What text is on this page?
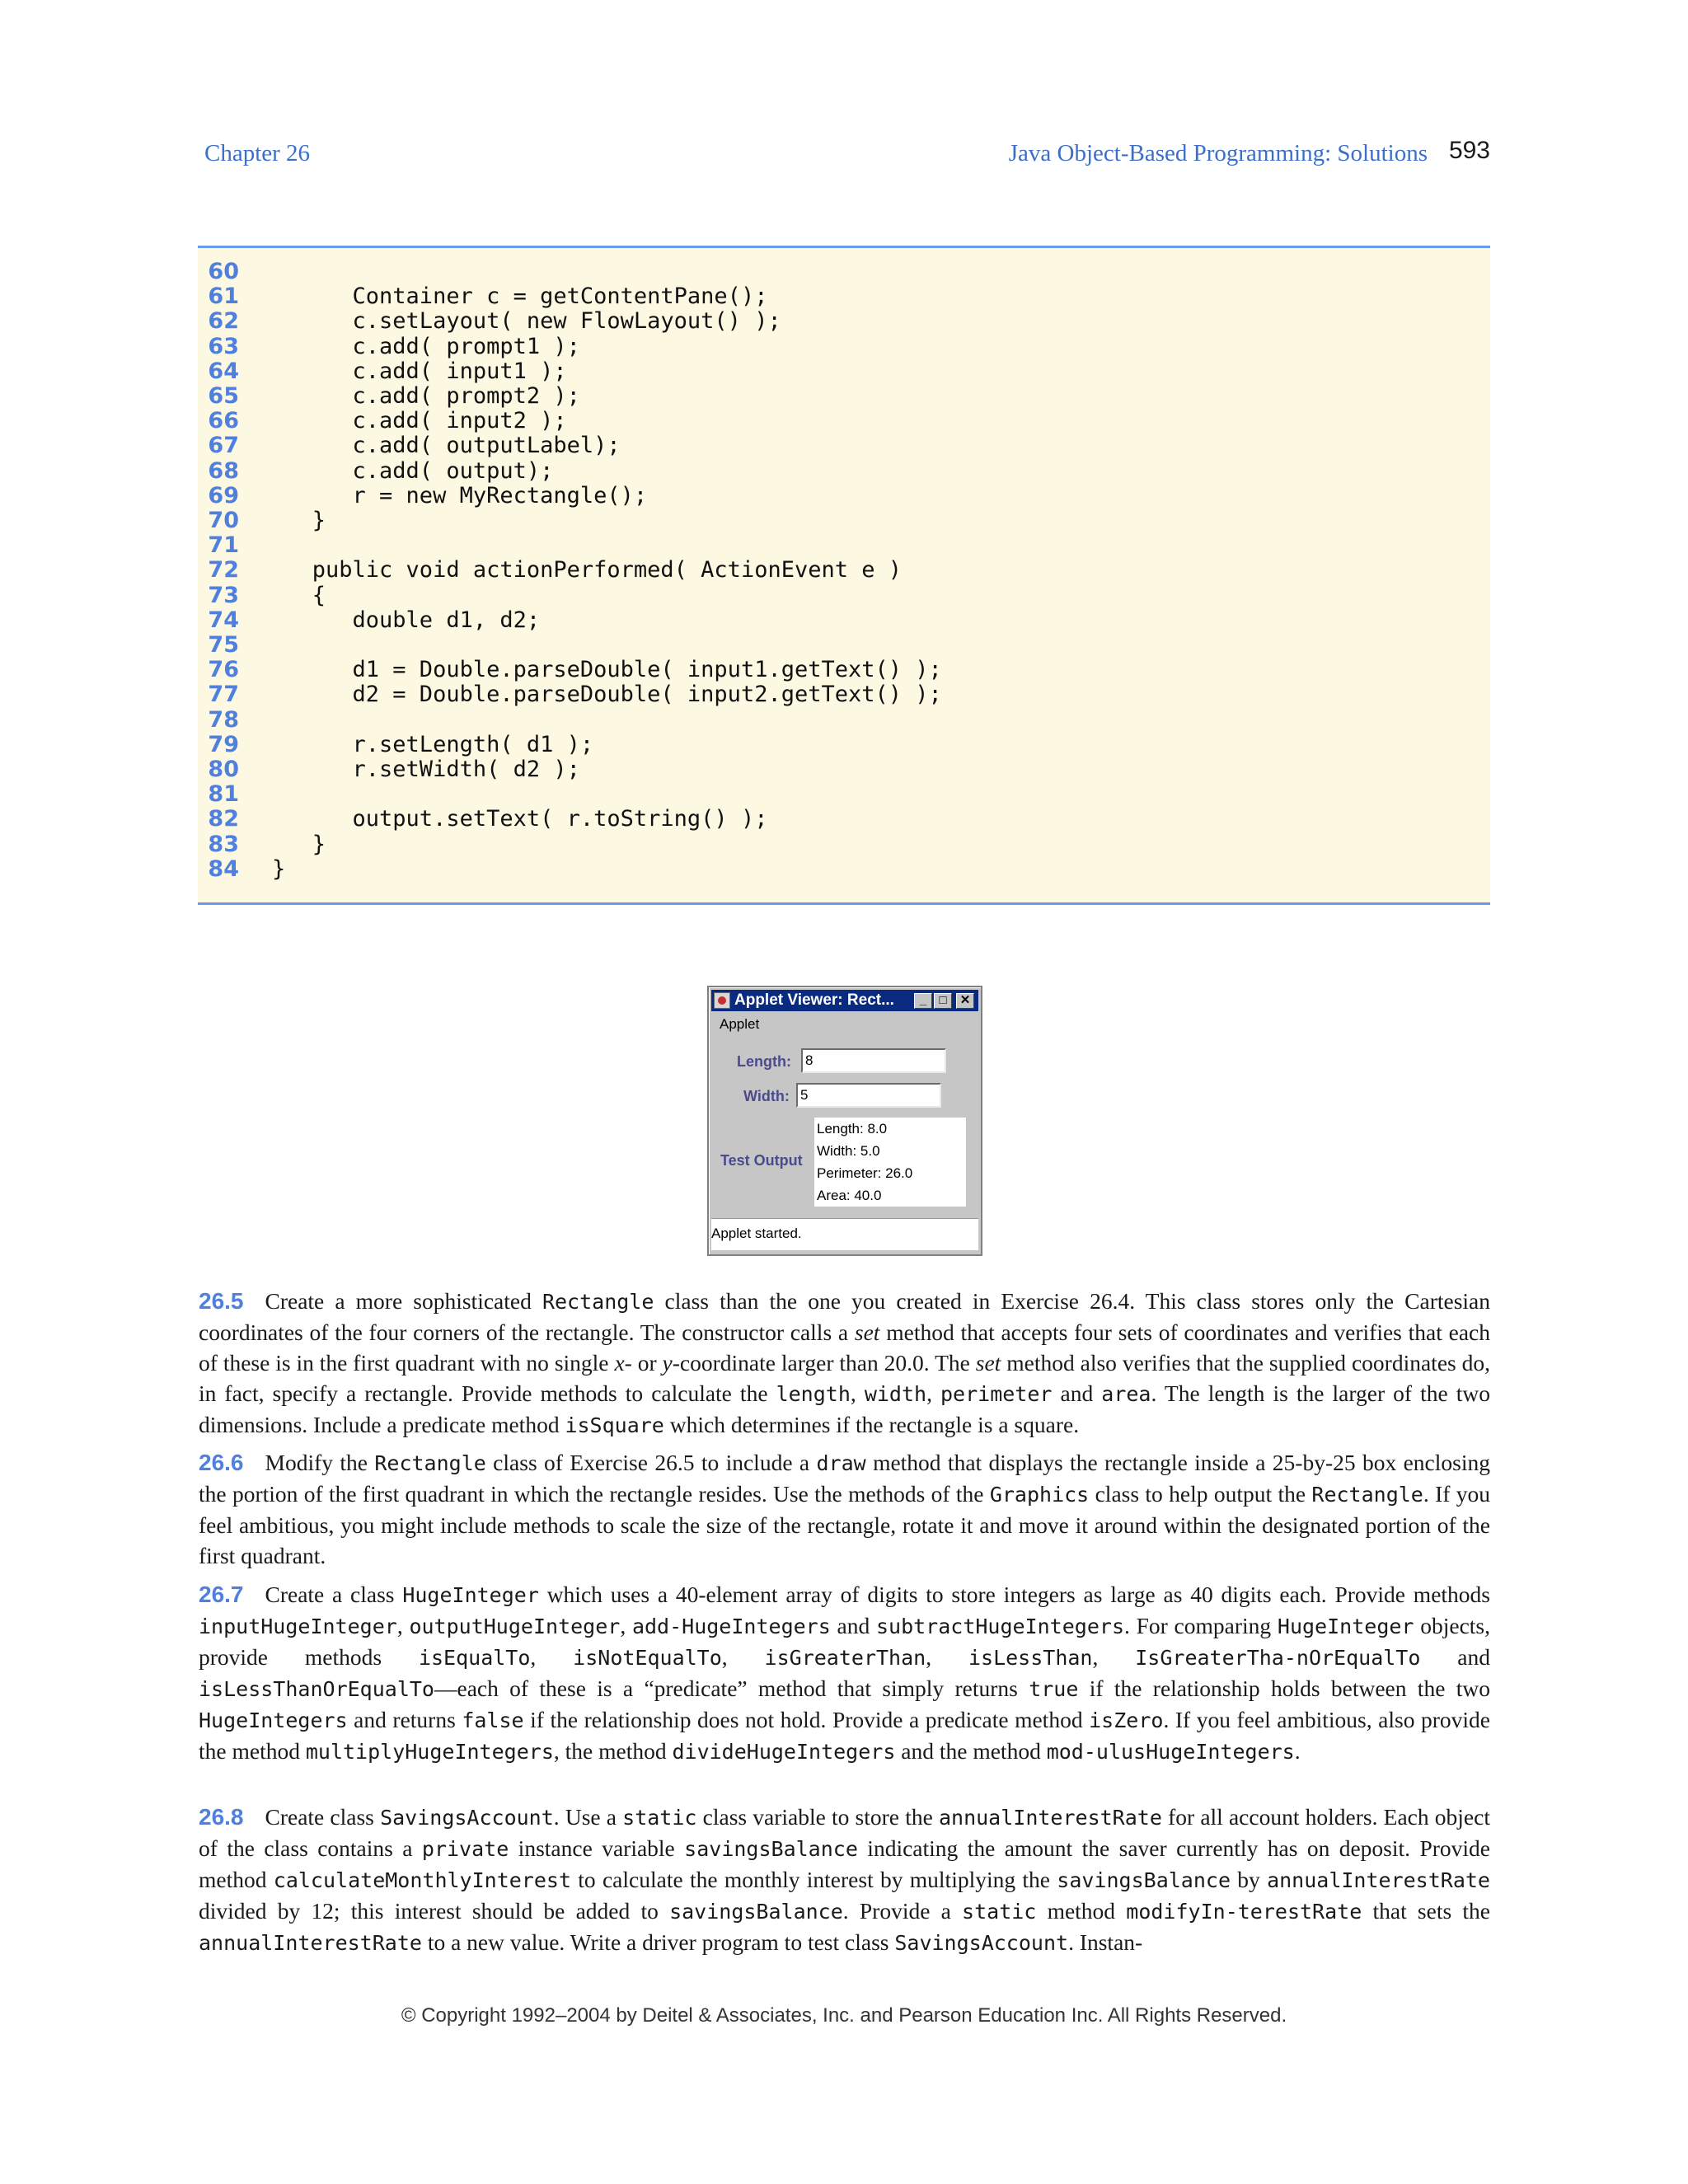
Chapter 26	Java Object-Based Programming: Solutions 593
60
61 Container c = getContentPane();
62 c.setLayout( new FlowLayout() );
63 c.add( prompt1 );
64 c.add( input1 );
65 c.add( prompt2 );
66 c.add( input2 );
67 c.add( outputLabel);
68 c.add( output);
69 r = new MyRectangle();
70 }
71
72 public void actionPerformed( ActionEvent e )
73 {
74 double d1, d2;
75
76 d1 = Double.parseDouble( input1.getText() );
77 d2 = Double.parseDouble( input2.getText() );
78
79 r.setLength( d1 );
80 r.setWidth( d2 );
81
82 output.setText( r.toString() );
83 }
84 }
Applet Viewer: Rect...	_	□	✕
Applet
Length: 8
Width: 5
Test Output
Length: 8.0
Width: 5.0
Perimeter: 26.0
Area: 40.0
Applet started.
26.5 Create a more sophisticated Rectangle class than the one you created in Exercise 26.4. This class stores only the Cartesian coordinates of the four corners of the rectangle. The constructor calls a set method that accepts four sets of coordinates and verifies that each of these is in the first quadrant with no single x- or y-coordinate larger than 20.0. The set method also verifies that the supplied coordinates do, in fact, specify a rectangle. Provide methods to calculate the length, width, perimeter and area. The length is the larger of the two dimensions. Include a predicate method isSquare which determines if the rectangle is a square.
26.6 Modify the Rectangle class of Exercise 26.5 to include a draw method that displays the rectangle inside a 25-by-25 box enclosing the portion of the first quadrant in which the rectangle resides. Use the methods of the Graphics class to help output the Rectangle. If you feel ambitious, you might include methods to scale the size of the rectangle, rotate it and move it around within the designated portion of the first quadrant.
26.7 Create a class HugeInteger which uses a 40-element array of digits to store integers as large as 40 digits each. Provide methods inputHugeInteger, outputHugeInteger, add-HugeIntegers and subtractHugeIntegers. For comparing HugeInteger objects, provide methods isEqualTo, isNotEqualTo, isGreaterThan, isLessThan, IsGreaterTha-nOrEqualTo and isLessThanOrEqualTo—each of these is a “predicate” method that simply returns true if the relationship holds between the two HugeIntegers and returns false if the relationship does not hold. Provide a predicate method isZero. If you feel ambitious, also provide the method multiplyHugeIntegers, the method divideHugeIntegers and the method mod-ulusHugeIntegers.
26.8 Create class SavingsAccount. Use a static class variable to store the annualInterestRate for all account holders. Each object of the class contains a private instance variable savingsBalance indicating the amount the saver currently has on deposit. Provide method calculateMonthlyInterest to calculate the monthly interest by multiplying the savingsBalance by annualInterestRate divided by 12; this interest should be added to savingsBalance. Provide a static method modifyIn-terestRate that sets the annualInterestRate to a new value. Write a driver program to test class SavingsAccount. Instan-
© Copyright 1992–2004 by Deitel & Associates, Inc. and Pearson Education Inc. All Rights Reserved.
